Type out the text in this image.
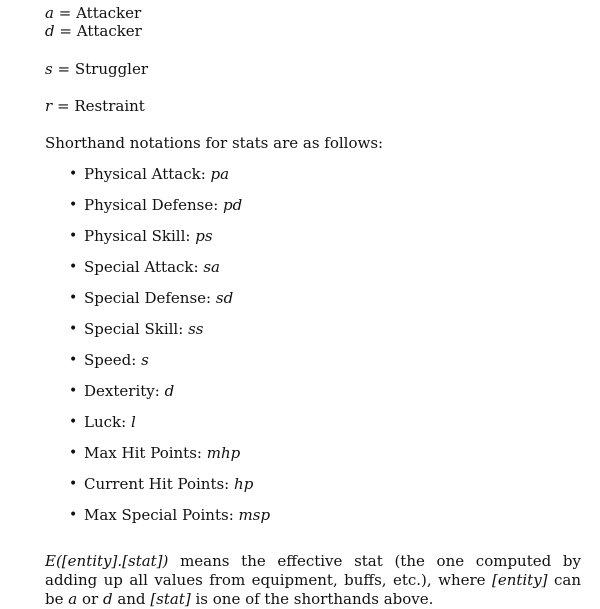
a = Attacker
d = Attacker
s = Struggler
r = Restraint
Shorthand notations for stats are as follows:
• Physical Attack:
pa
• Physical Defense:
pd
• Physical Skill:
ps
• Special Attack:
sa
• Special Defense:
sd
• Special Skill:
ss
• Speed:
s
• Dexterity:
d
• Luck:
l
• Max Hit Points:
mhp
• Current Hit Points:
hp
• Max Special Points:
msp

E([entity].[stat]) means the effective stat (the one computed by adding up all values from equipment, buffs, etc.), where [entity] can be a or d and [stat] is one of the shorthands above.
